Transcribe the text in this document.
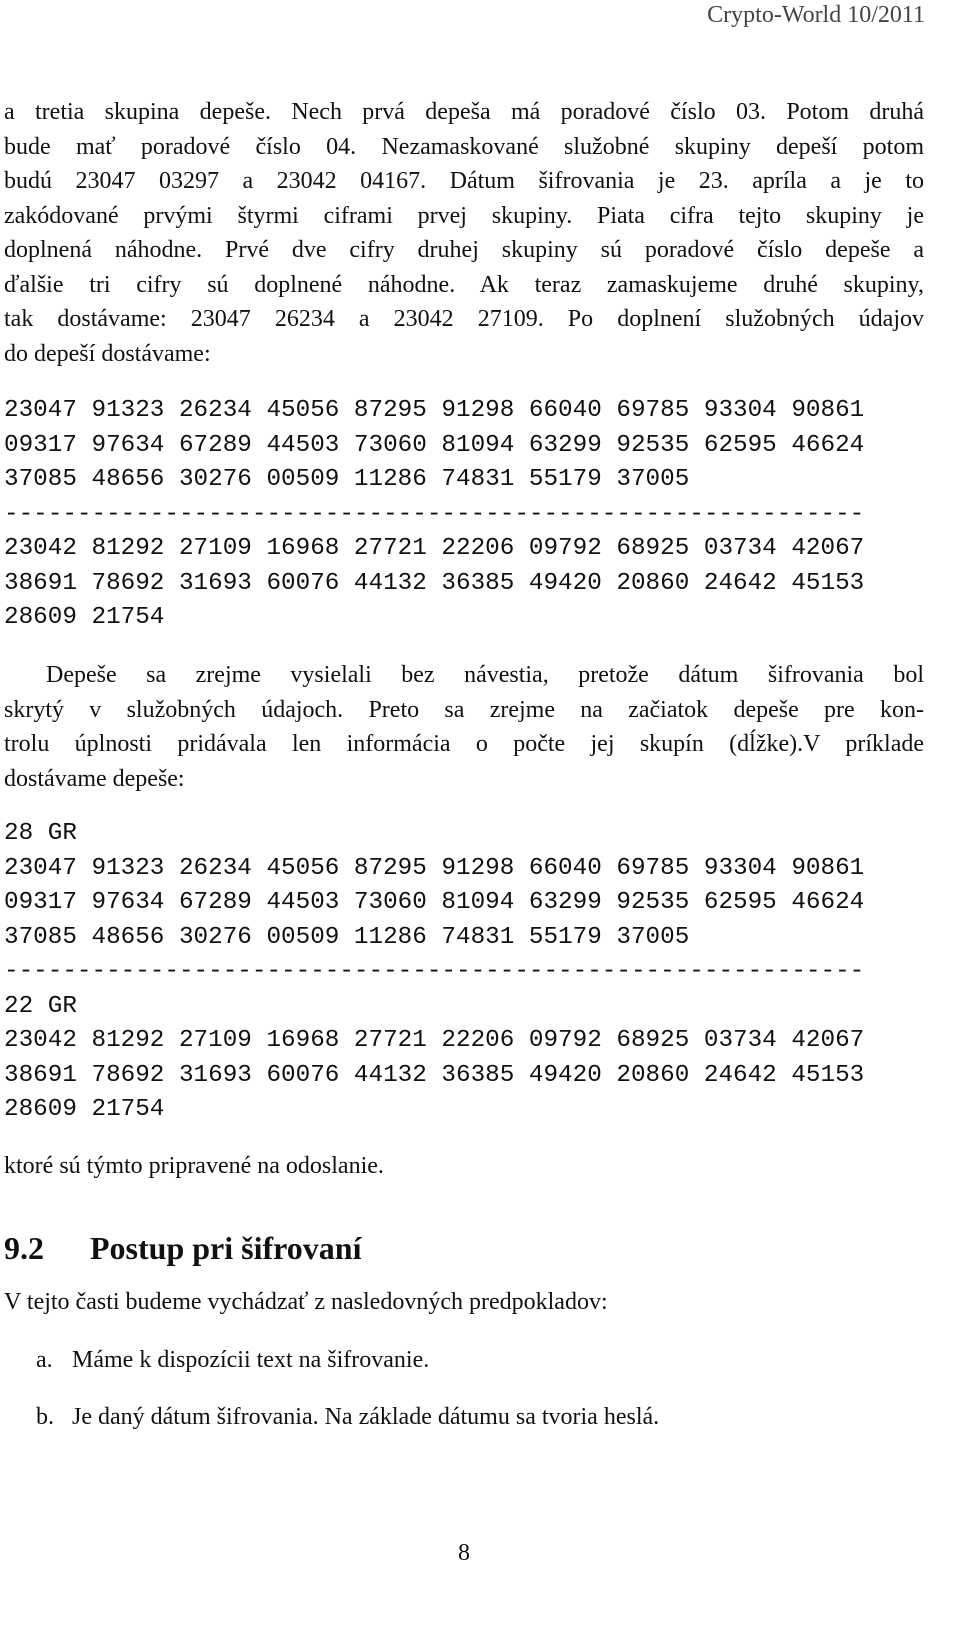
Crypto-World 10/2011
a tretia skupina depeše. Nech prvá depeša má poradové číslo 03. Potom druhá
bude mať poradové číslo 04. Nezamaskované služobné skupiny depeší potom
budú 23047 03297 a 23042 04167. Dátum šifrovania je 23. apríla a je to
zakódované prvými štyrmi ciframi prvej skupiny. Piata cifra tejto skupiny je
doplnená náhodne. Prvé dve cifry druhej skupiny sú poradové číslo depeše a
ďalšie tri cifry sú doplnené náhodne. Ak teraz zamaskujeme druhé skupiny,
tak dostávame: 23047 26234 a 23042 27109. Po doplnení služobných údajov
do depeší dostávame:
23047 91323 26234 45056 87295 91298 66040 69785 93304 90861
09317 97634 67289 44503 73060 81094 63299 92535 62595 46624
37085 48656 30276 00509 11286 74831 55179 37005
-----------------------------------------------------------
23042 81292 27109 16968 27721 22206 09792 68925 03734 42067
38691 78692 31693 60076 44132 36385 49420 20860 24642 45153
28609 21754
Depeše sa zrejme vysielali bez návestia, pretože dátum šifrovania bol
skrytý v služobných údajoch. Preto sa zrejme na začiatok depeše pre kon-
trolu úplnosti pridávala len informácia o počte jej skupín (dĺžke).V príklade
dostávame depeše:
28 GR
23047 91323 26234 45056 87295 91298 66040 69785 93304 90861
09317 97634 67289 44503 73060 81094 63299 92535 62595 46624
37085 48656 30276 00509 11286 74831 55179 37005
-----------------------------------------------------------
22 GR
23042 81292 27109 16968 27721 22206 09792 68925 03734 42067
38691 78692 31693 60076 44132 36385 49420 20860 24642 45153
28609 21754
ktoré sú týmto pripravené na odoslanie.
9.2 Postup pri šifrovaní
V tejto časti budeme vychádzať z nasledovných predpokladov:
a. Máme k dispozícii text na šifrovanie.
b. Je daný dátum šifrovania. Na základe dátumu sa tvoria heslá.
8
